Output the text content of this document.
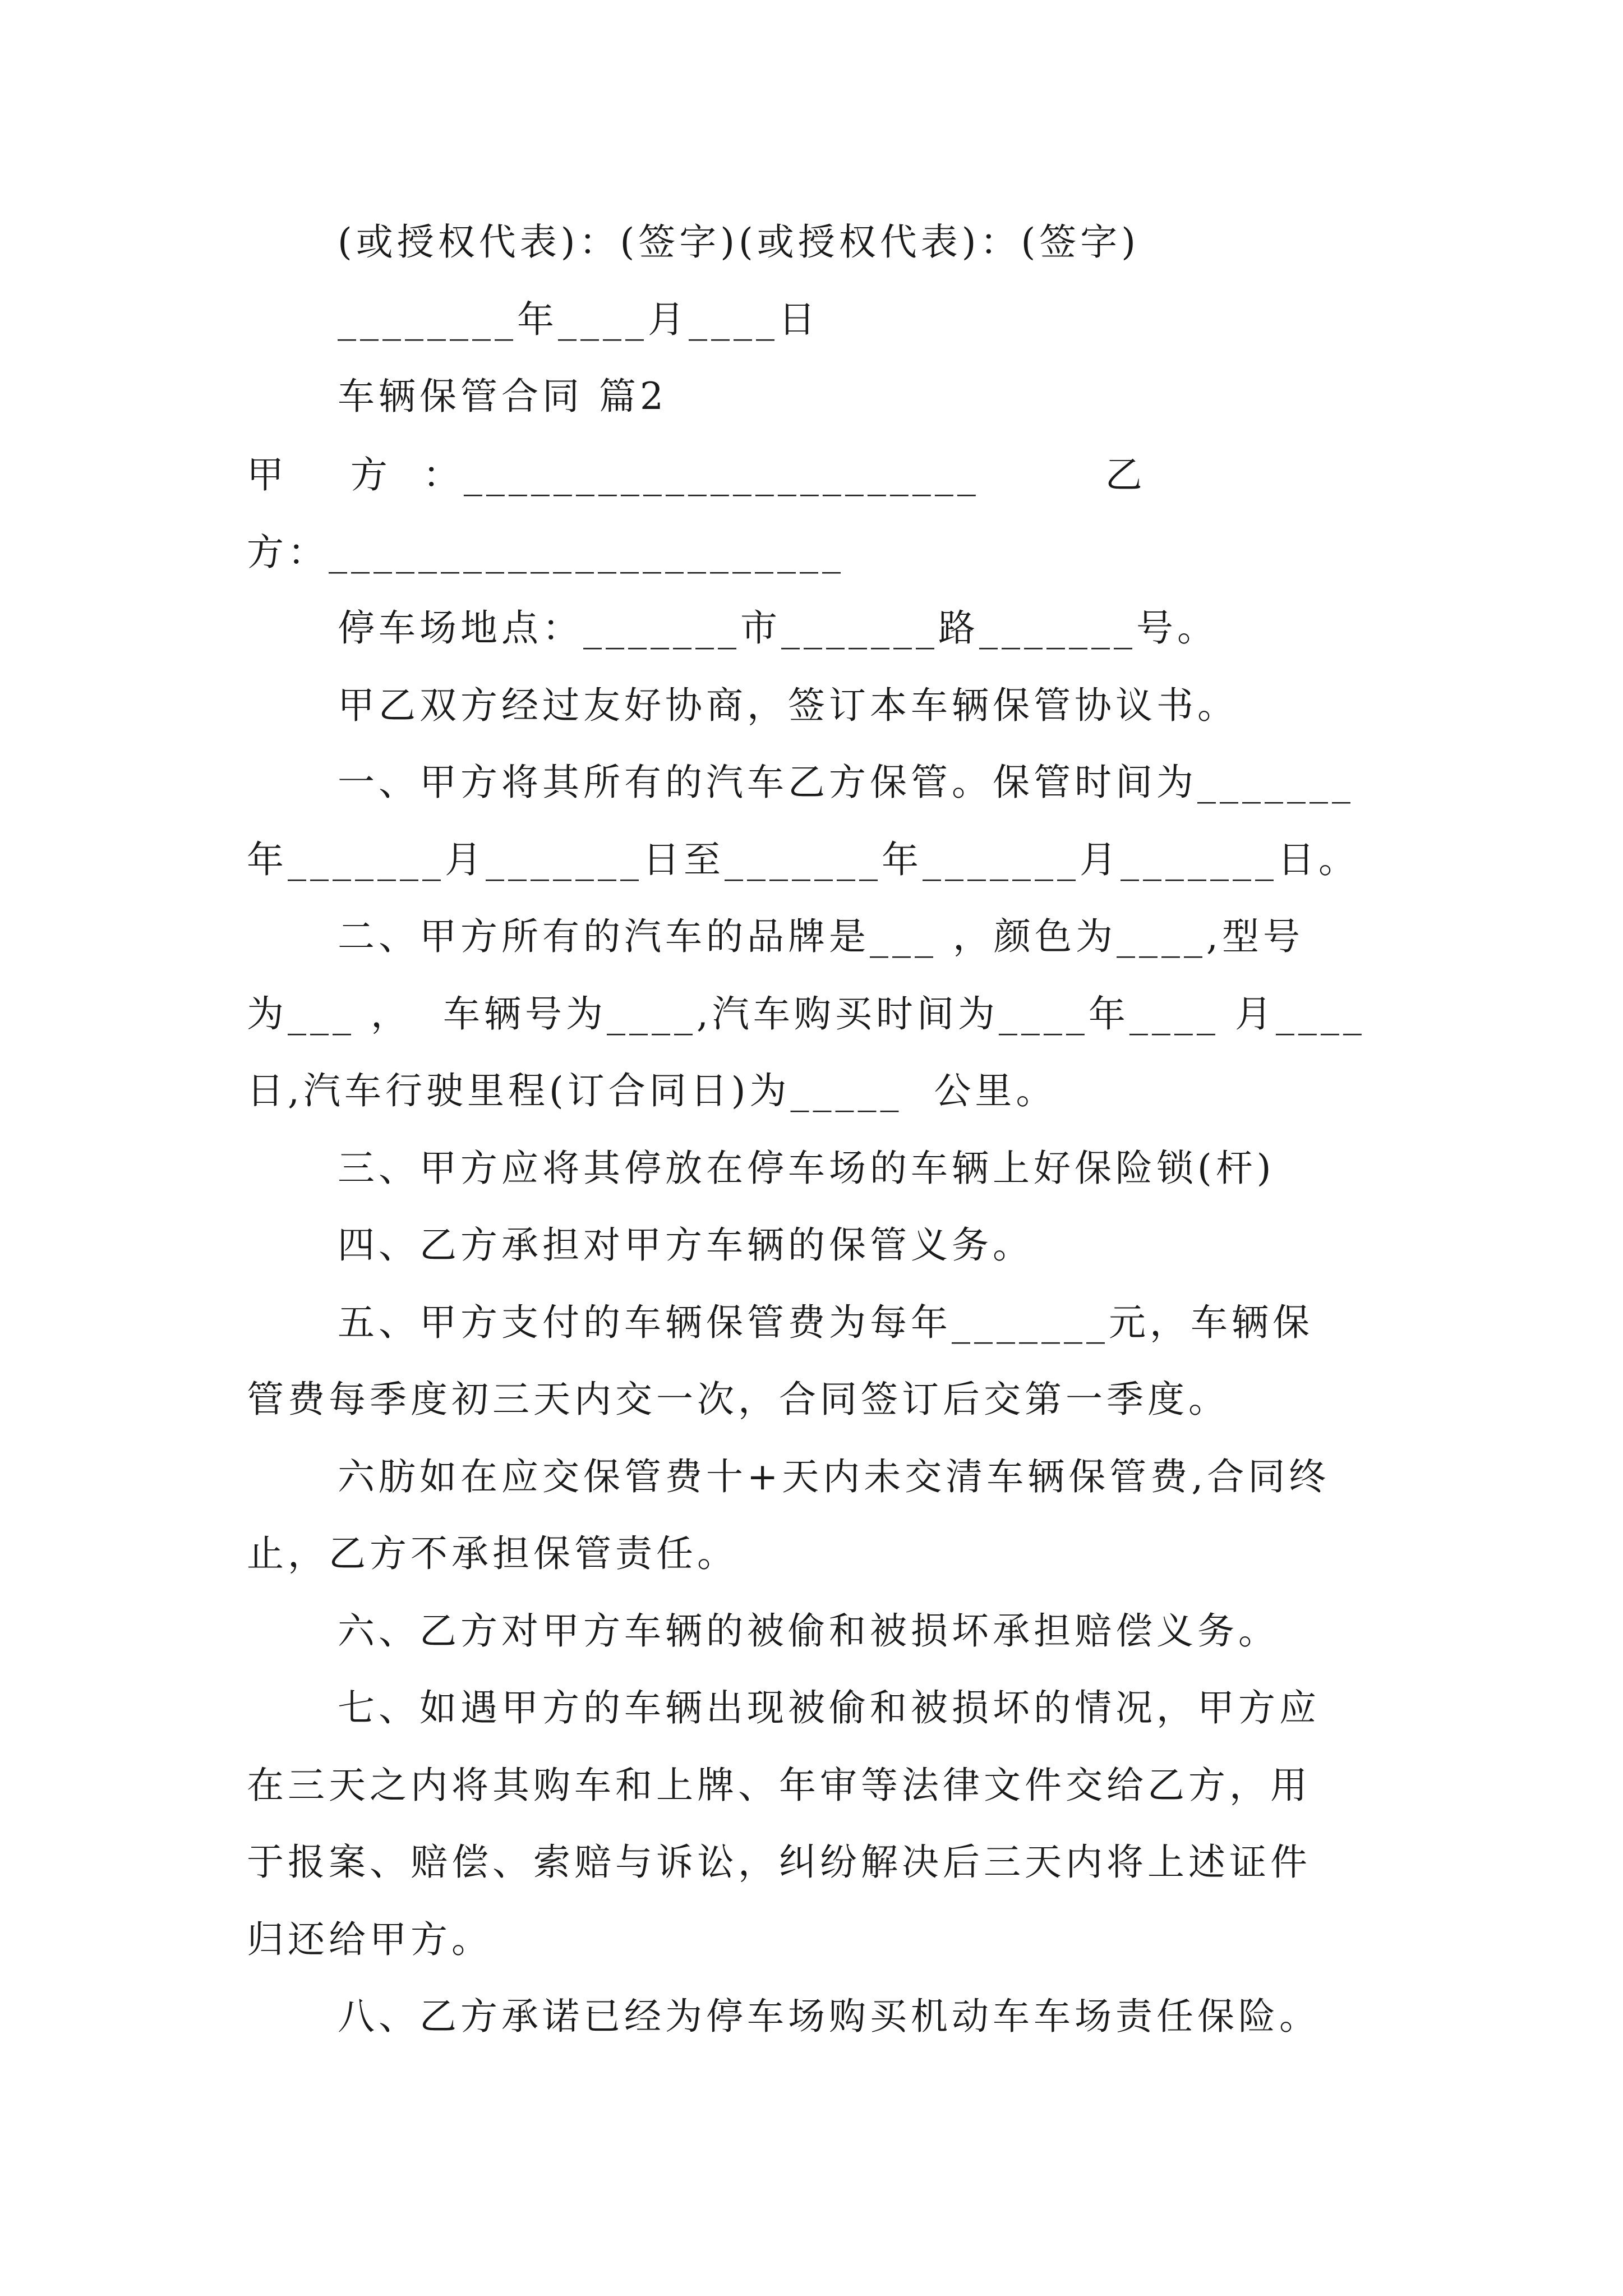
(或授权代表)：(签字)(或授权代表)：(签字)
________年____月____日
车辆保管合同 篇2
甲    方  ：_______________________        乙
方：_______________________
停车场地点：_______市_______路_______号。
甲乙双方经过友好协商，签订本车辆保管协议书。
一、甲方将其所有的汽车乙方保管。保管时间为_______
年_______月_______日至_______年_______月_______日。
二、甲方所有的汽车的品牌是___ ，颜色为____,型号
为___ ，  车辆号为____,汽车购买时间为____年____ 月____
日,汽车行驶里程(订合同日)为_____  公里。
三、甲方应将其停放在停车场的车辆上好保险锁(杆)
四、乙方承担对甲方车辆的保管义务。
五、甲方支付的车辆保管费为每年_______元，车辆保
管费每季度初三天内交一次，合同签订后交第一季度。
六肪如在应交保管费十+天内未交清车辆保管费,合同终
止，乙方不承担保管责任。
六、乙方对甲方车辆的被偷和被损坏承担赔偿义务。
七、如遇甲方的车辆出现被偷和被损坏的情况，甲方应
在三天之内将其购车和上牌、年审等法律文件交给乙方，用
于报案、赔偿、索赔与诉讼，纠纷解决后三天内将上述证件
归还给甲方。
八、乙方承诺已经为停车场购买机动车车场责任保险。
